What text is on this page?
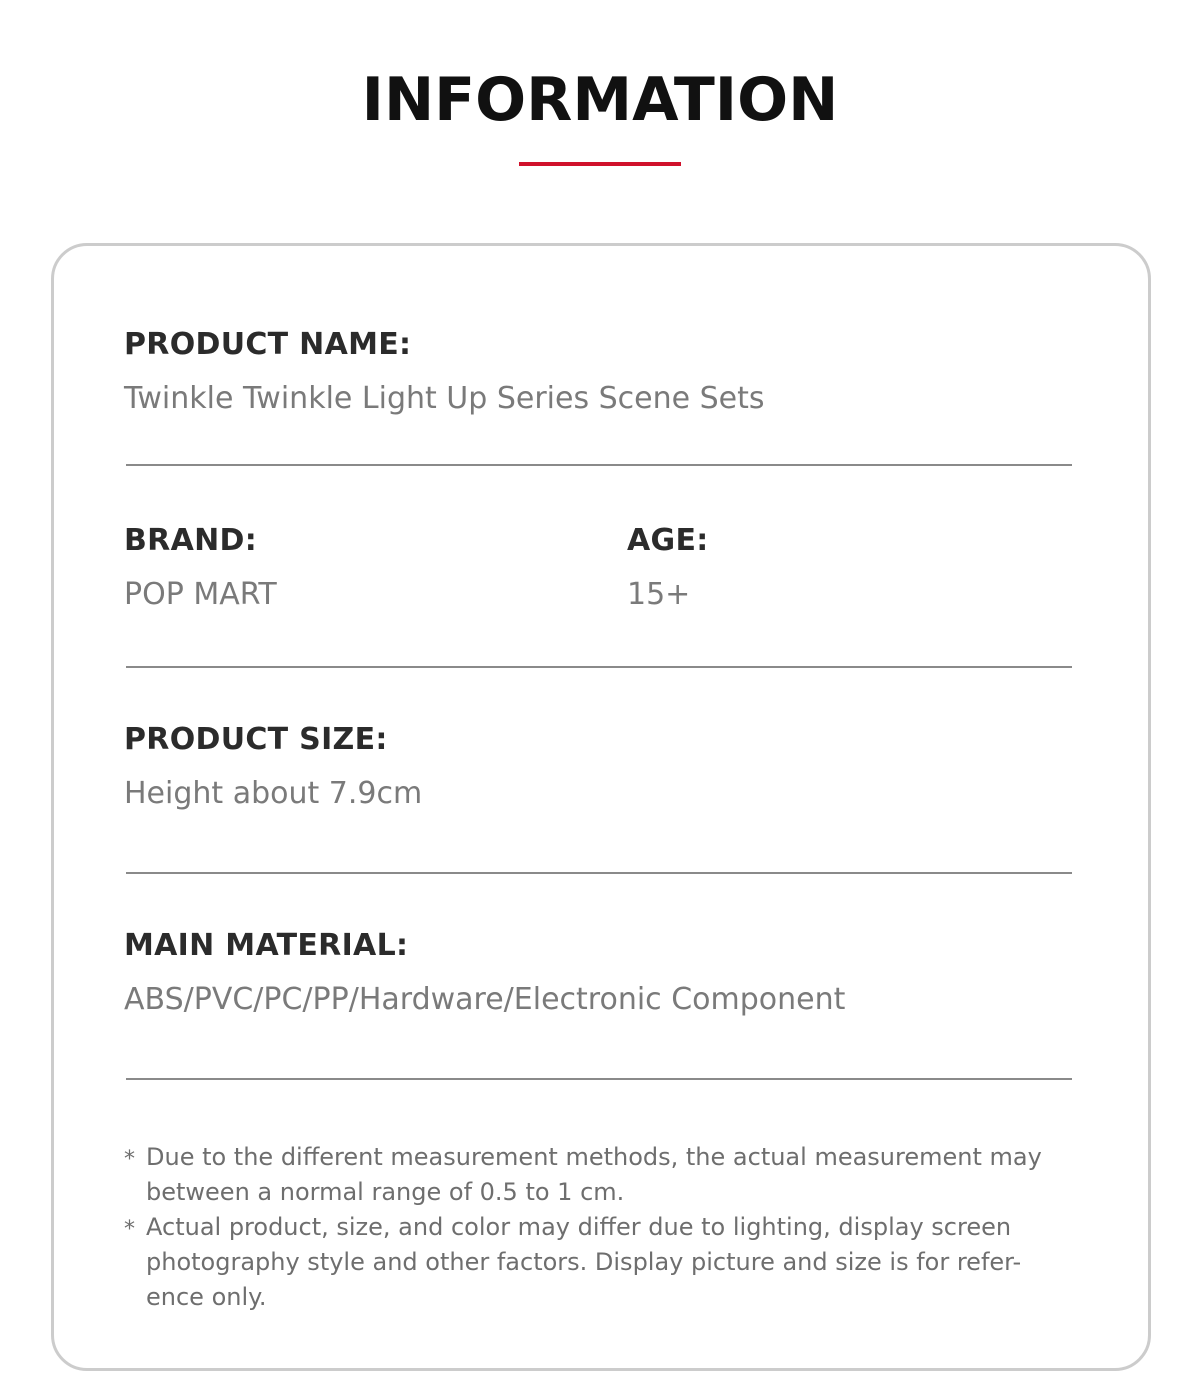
INFORMATION
PRODUCT NAME:
Twinkle Twinkle Light Up Series Scene Sets
BRAND:
POP MART
AGE:
15+
PRODUCT SIZE:
Height about 7.9cm
MAIN MATERIAL:
ABS/PVC/PC/PP/Hardware/Electronic Component
* Due to the different measurement methods, the actual measurement may between a normal range of 0.5 to 1 cm.
* Actual product, size, and color may differ due to lighting, display screen photography style and other factors. Display picture and size is for refer- ence only.
